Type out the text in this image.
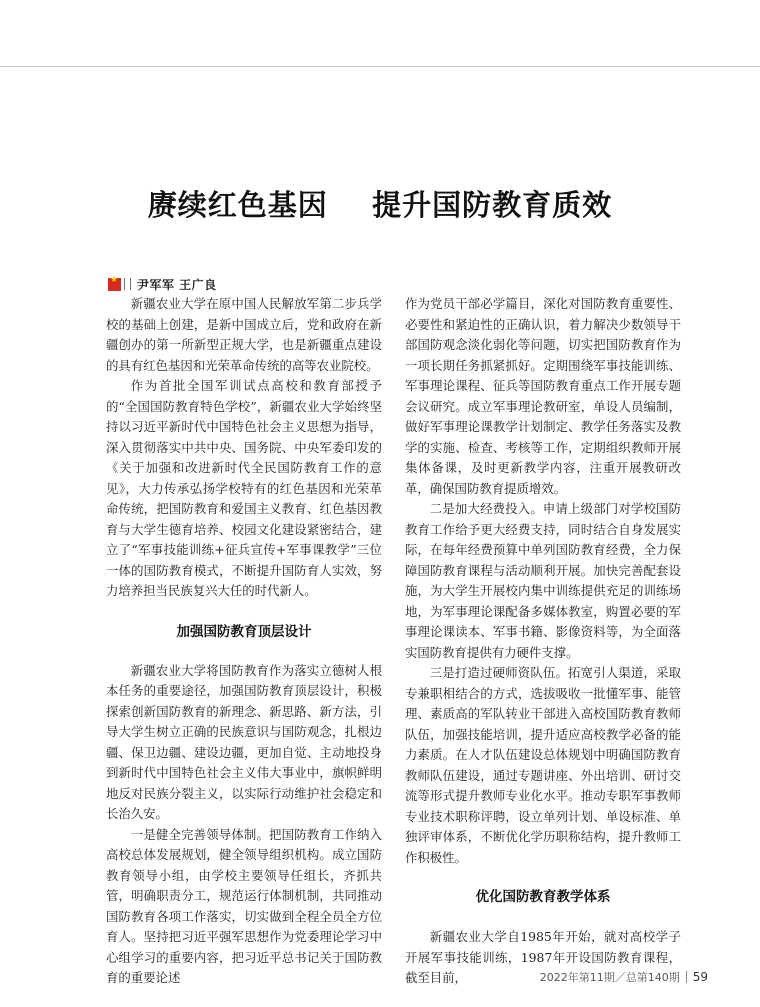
赓续红色基因    提升国防教育质效
★
尹军军 王广良

新疆农业大学在原中国人民解放军第二步兵学校的基础上创建，是新中国成立后，党和政府在新疆创办的第一所新型正规大学，也是新疆重点建设的具有红色基因和光荣革命传统的高等农业院校。

作为首批全国军训试点高校和教育部授予的“全国国防教育特色学校”，新疆农业大学始终坚持以习近平新时代中国特色社会主义思想为指导，深入贯彻落实中共中央、国务院、中央军委印发的《关于加强和改进新时代全民国防教育工作的意见》，大力传承弘扬学校特有的红色基因和光荣革命传统，把国防教育和爱国主义教育、红色基因教育与大学生德育培养、校园文化建设紧密结合，建立了“军事技能训练+征兵宣传+军事课教学”三位一体的国防教育模式，不断提升国防育人实效，努力培养担当民族复兴大任的时代新人。

加强国防教育顶层设计

新疆农业大学将国防教育作为落实立德树人根本任务的重要途径，加强国防教育顶层设计，积极探索创新国防教育的新理念、新思路、新方法，引导大学生树立正确的民族意识与国防观念，扎根边疆、保卫边疆、建设边疆，更加自觉、主动地投身到新时代中国特色社会主义伟大事业中，旗帜鲜明地反对民族分裂主义，以实际行动维护社会稳定和长治久安。

一是健全完善领导体制。把国防教育工作纳入高校总体发展规划，健全领导组织机构。成立国防教育领导小组，由学校主要领导任组长，齐抓共管，明确职责分工，规范运行体制机制，共同推动国防教育各项工作落实，切实做到全程全员全方位育人。坚持把习近平强军思想作为党委理论学习中心组学习的重要内容，把习近平总书记关于国防教育的重要论述

作为党员干部必学篇目，深化对国防教育重要性、必要性和紧迫性的正确认识，着力解决少数领导干部国防观念淡化弱化等问题，切实把国防教育作为一项长期任务抓紧抓好。定期围绕军事技能训练、军事理论课程、征兵等国防教育重点工作开展专题会议研究。成立军事理论教研室，单设人员编制，做好军事理论课教学计划制定、教学任务落实及教学的实施、检查、考核等工作，定期组织教师开展集体备课，及时更新教学内容，注重开展教研改革，确保国防教育提质增效。

二是加大经费投入。申请上级部门对学校国防教育工作给予更大经费支持，同时结合自身发展实际，在每年经费预算中单列国防教育经费，全力保障国防教育课程与活动顺利开展。加快完善配套设施，为大学生开展校内集中训练提供充足的训练场地，为军事理论课配备多媒体教室，购置必要的军事理论课读本、军事书籍、影像资料等，为全面落实国防教育提供有力硬件支撑。

三是打造过硬师资队伍。拓宽引人渠道，采取专兼职相结合的方式，选拔吸收一批懂军事、能管理、素质高的军队转业干部进入高校国防教育教师队伍，加强技能培训，提升适应高校教学必备的能力素质。在人才队伍建设总体规划中明确国防教育教师队伍建设，通过专题讲座、外出培训、研讨交流等形式提升教师专业化水平。推动专职军事教师专业技术职称评聘，设立单列计划、单设标准、单独评审体系，不断优化学历职称结构，提升教师工作积极性。

优化国防教育教学体系

新疆农业大学自1985年开始，就对高校学子开展军事技能训练，1987年开设国防教育课程，截至目前，	2022年第11期／总第140期 59
